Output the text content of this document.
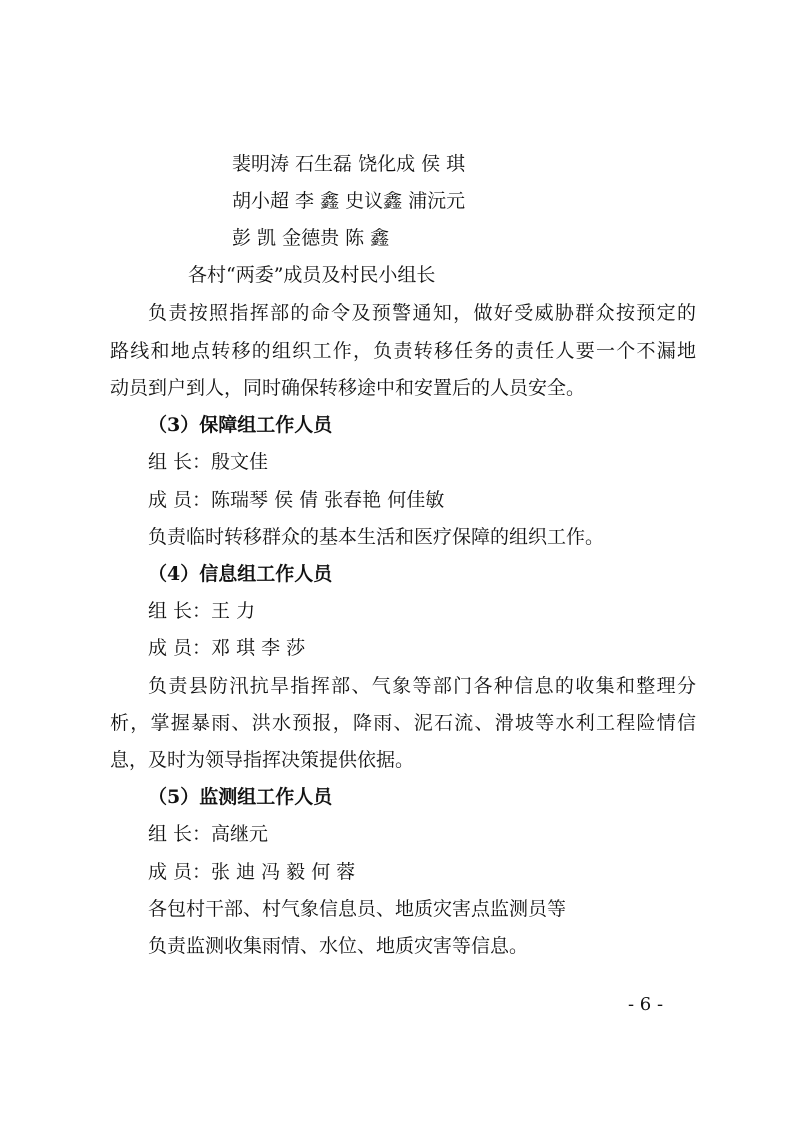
裴明涛 石生磊 饶化成 侯 琪
胡小超 李 鑫 史议鑫 浦沅元
彭 凯 金德贵 陈 鑫
各村“两委”成员及村民小组长
负责按照指挥部的命令及预警通知，做好受威胁群众按预定的
路线和地点转移的组织工作，负责转移任务的责任人要一个不漏地
动员到户到人，同时确保转移途中和安置后的人员安全。
（3）保障组工作人员
组 长：殷文佳
成 员：陈瑞琴 侯 倩 张春艳 何佳敏
负责临时转移群众的基本生活和医疗保障的组织工作。
（4）信息组工作人员
组 长：王 力
成 员：邓 琪 李 莎
负责县防汛抗旱指挥部、气象等部门各种信息的收集和整理分
析，掌握暴雨、洪水预报，降雨、泥石流、滑坡等水利工程险情信
息，及时为领导指挥决策提供依据。
（5）监测组工作人员
组 长：高继元
成 员：张 迪 冯 毅 何 蓉
各包村干部、村气象信息员、地质灾害点监测员等
负责监测收集雨情、水位、地质灾害等信息。
- 6 -
